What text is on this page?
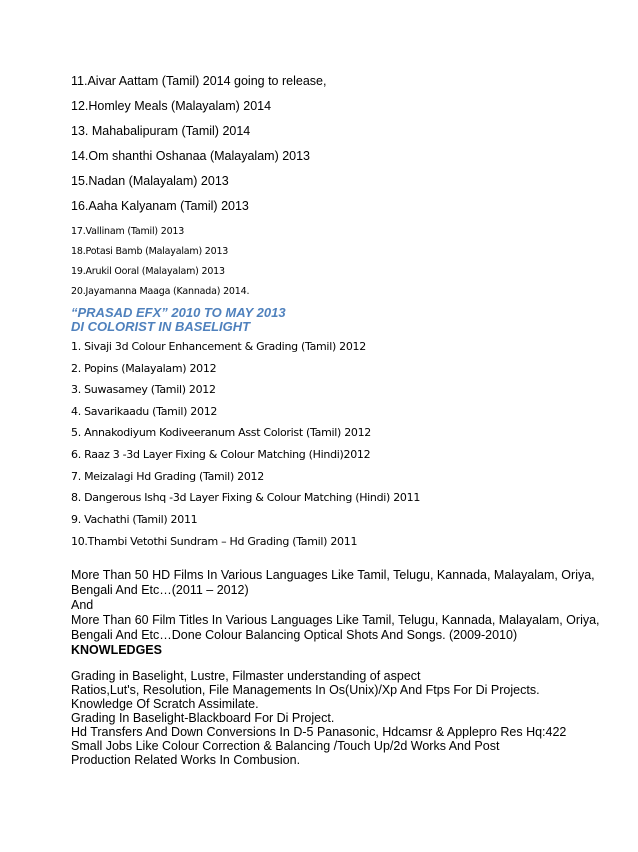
11.Aivar Aattam (Tamil) 2014 going to release,
12.Homley Meals (Malayalam) 2014
13. Mahabalipuram (Tamil) 2014
14.Om shanthi Oshanaa (Malayalam) 2013
15.Nadan (Malayalam) 2013
16.Aaha Kalyanam (Tamil) 2013
17.Vallinam (Tamil) 2013
18.Potasi Bamb (Malayalam) 2013
19.Arukil Ooral (Malayalam) 2013
20.Jayamanna Maaga (Kannada) 2014.
“PRASAD EFX” 2010 TO MAY 2013
DI COLORIST IN BASELIGHT
1. Sivaji 3d Colour Enhancement & Grading (Tamil) 2012
2. Popins (Malayalam) 2012
3. Suwasamey (Tamil) 2012
4. Savarikaadu (Tamil) 2012
5. Annakodiyum Kodiveeranum Asst Colorist (Tamil) 2012
6. Raaz 3 -3d Layer Fixing & Colour Matching (Hindi)2012
7. Meizalagi Hd Grading (Tamil) 2012
8. Dangerous Ishq -3d Layer Fixing & Colour Matching (Hindi) 2011
9. Vachathi (Tamil) 2011
10.Thambi Vetothi Sundram – Hd Grading (Tamil) 2011
More Than 50 HD Films In Various Languages Like Tamil, Telugu, Kannada, Malayalam, Oriya,
Bengali And Etc…(2011 – 2012)
And
More Than 60 Film Titles In Various Languages Like Tamil, Telugu, Kannada, Malayalam, Oriya,
Bengali And Etc…Done Colour Balancing Optical Shots And Songs. (2009-2010)
KNOWLEDGES
Grading in Baselight, Lustre, Filmaster understanding of aspect
Ratios,Lut's, Resolution, File Managements In Os(Unix)/Xp And Ftps For Di Projects.
Knowledge Of Scratch Assimilate.
Grading In Baselight-Blackboard For Di Project.
Hd Transfers And Down Conversions In D-5 Panasonic, Hdcamsr & Applepro Res Hq:422
Small Jobs Like Colour Correction & Balancing /Touch Up/2d Works And Post
Production Related Works In Combusion.
